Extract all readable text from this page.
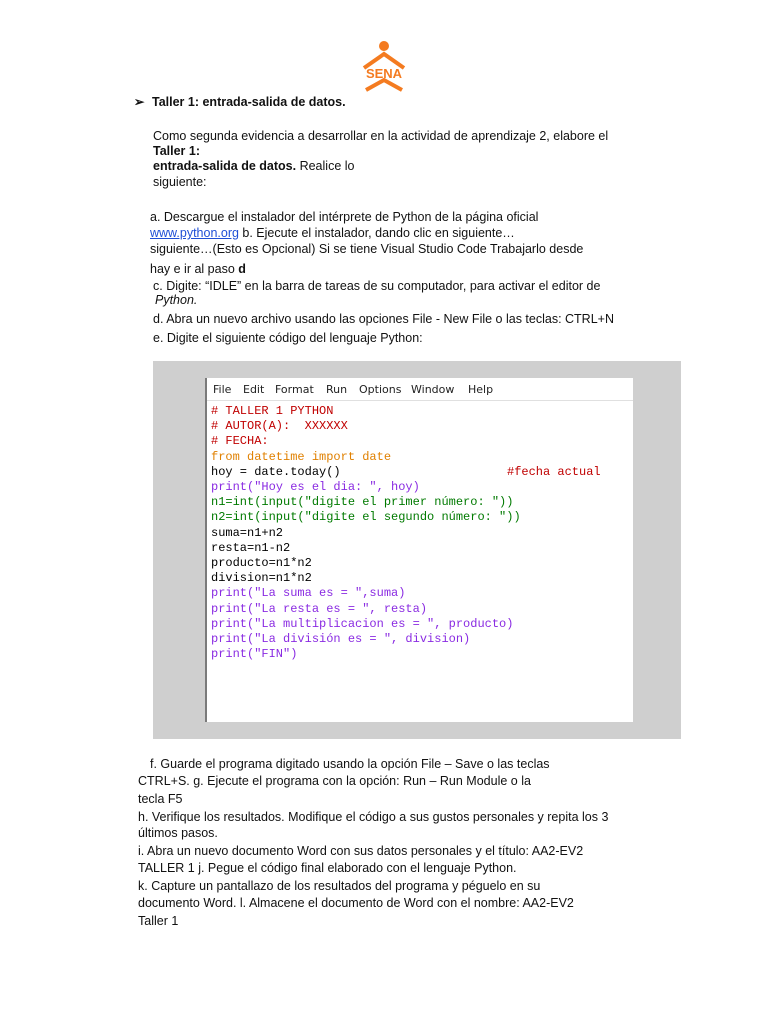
SENA
➢ Taller 1: entrada-salida de datos.
Como segunda evidencia a desarrollar en la actividad de aprendizaje 2, elabore el
Taller 1:
entrada-salida de datos. Realice lo
siguiente:
a. Descargue el instalador del intérprete de Python de la página oficial
www.python.org b. Ejecute el instalador, dando clic en siguiente…
siguiente…(Esto es Opcional) Si se tiene Visual Studio Code Trabajarlo desde
hay e ir al paso d
c. Digite: “IDLE” en la barra de tareas de su computador, para activar el editor de
Python.
d. Abra un nuevo archivo usando las opciones File - New File o las teclas: CTRL+N
e. Digite el siguiente código del lenguaje Python:
File Edit Format Run Options Window Help
# TALLER 1 PYTHON
# AUTOR(A):  XXXXXX
# FECHA:
from datetime import date
hoy = date.today()	#fecha actual
print("Hoy es el dia: ", hoy)
n1=int(input("digite el primer número: "))
n2=int(input("digite el segundo número: "))
suma=n1+n2
resta=n1-n2
producto=n1*n2
division=n1*n2
print("La suma es = ",suma)
print("La resta es = ", resta)
print("La multiplicacion es = ", producto)
print("La división es = ", division)
print("FIN")
f. Guarde el programa digitado usando la opción File – Save o las teclas
CTRL+S. g. Ejecute el programa con la opción: Run – Run Module o la
tecla F5
h. Verifique los resultados. Modifique el código a sus gustos personales y repita los 3
últimos pasos.
i. Abra un nuevo documento Word con sus datos personales y el título: AA2-EV2
TALLER 1 j. Pegue el código final elaborado con el lenguaje Python.
k. Capture un pantallazo de los resultados del programa y péguelo en su
documento Word. l. Almacene el documento de Word con el nombre: AA2-EV2
Taller 1
